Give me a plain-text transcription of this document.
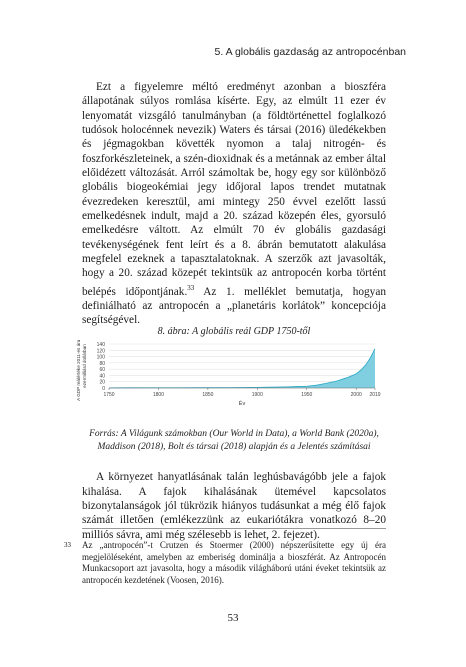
5. A globális gazdaság az antropocénban

Ezt a figyelemre méltó eredményt azonban a bioszféra állapotának súlyos romlása kísérte. Egy, az elmúlt 11 ezer év lenyomatát vizsgáló tanulmányban (a földtörténettel foglalkozó tudósok holocénnek nevezik) Waters és társai (2016) üledékekben és jégmagokban követték nyomon a talaj nitrogén- és foszforkészleteinek, a szén-dioxidnak és a metánnak az ember által előidézett változását. Arról számoltak be, hogy egy sor különböző globális biogeokémiai jegy időjoral lapos trendet mutatnak évezredeken keresztül, ami mintegy 250 évvel ezelőtt lassú emelkedésnek indult, majd a 20. század közepén éles, gyorsuló emelkedésre váltott. Az elmúlt 70 év globális gazdasági tevékenységének fent leírt és a 8. ábrán bemutatott alakulása megfelel ezeknek a tapasztalatoknak. A szerzők azt javasolták, hogy a 20. század közepét tekintsük az antropocén korba történt belépés időpontjának.$^{33}$ Az 1. melléklet bemutatja, hogyan definiálható az antropocén a „planetáris korlátok” koncepciója segítségével.

8. ábra: A globális reál GDP 1750-től
0
20
40
60
80
100
120
140
1750	1800	1850	1900	1950	2000 2019
Év
A GDP reálértéke 2011-es árakon,ezermilliárd dollárban
Forrás: A Világunk számokban (Our World in Data), a World Bank (2020a), Maddison (2018), Bolt és társai (2018) alapján és a Jelentés számításai

A környezet hanyatlásának talán leghúsbavágóbb jele a fajok kihalása. A fajok kihalásának ütemével kapcsolatos bizonytalanságok jól tükrözik hiányos tudásunkat a még élő fajok számát illetően (emlékezzünk az eukariótákra vonatkozó 8–20 milliós sávra, ami még szélesebb is lehet, 2. fejezet).

33 Az „antropocén”-t Crutzen és Stoermer (2000) népszerűsítette egy új éra megjelöléseként, amelyben az emberiség dominálja a bioszférát. Az Antropocén Munkacsoport azt javasolta, hogy a második világháború utáni éveket tekintsük az antropocén kezdetének (Voosen, 2016).
53
